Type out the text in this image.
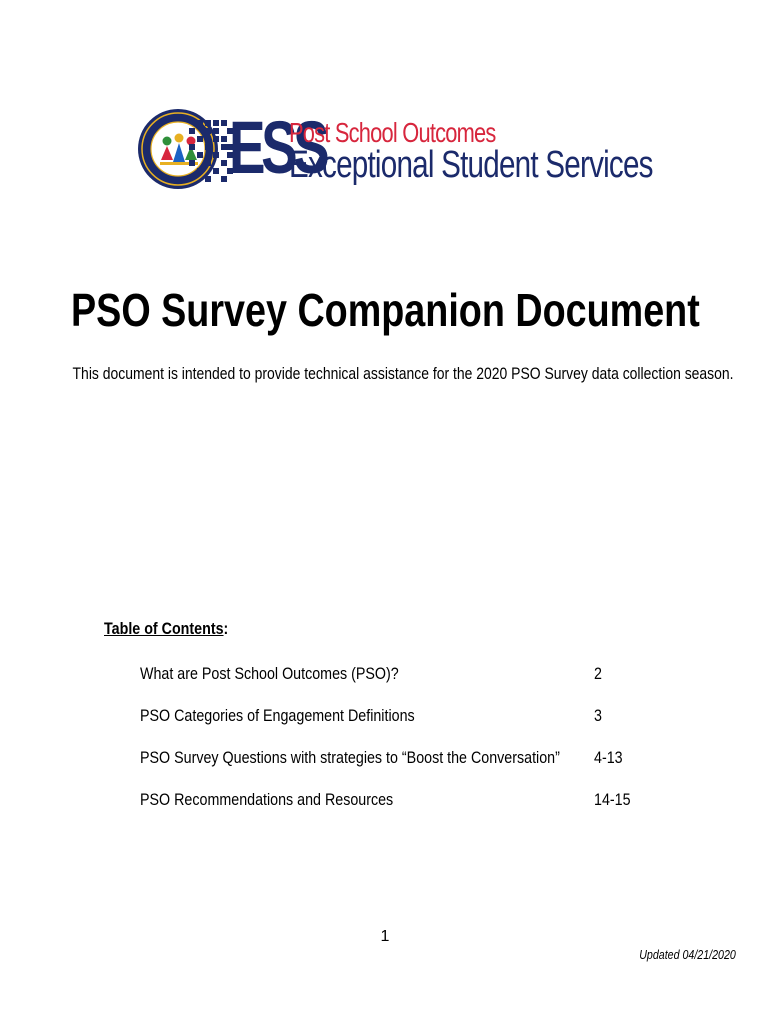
ESS
Post School Outcomes
Exceptional Student Services
PSO Survey Companion Document
This document is intended to provide technical assistance for the 2020 PSO Survey data collection season.
Table of Contents:
What are Post School Outcomes (PSO)?	2
PSO Categories of Engagement Definitions	3
PSO Survey Questions with strategies to “Boost the Conversation” 4-13
PSO Recommendations and Resources	14-15
1
Updated 04/21/2020
